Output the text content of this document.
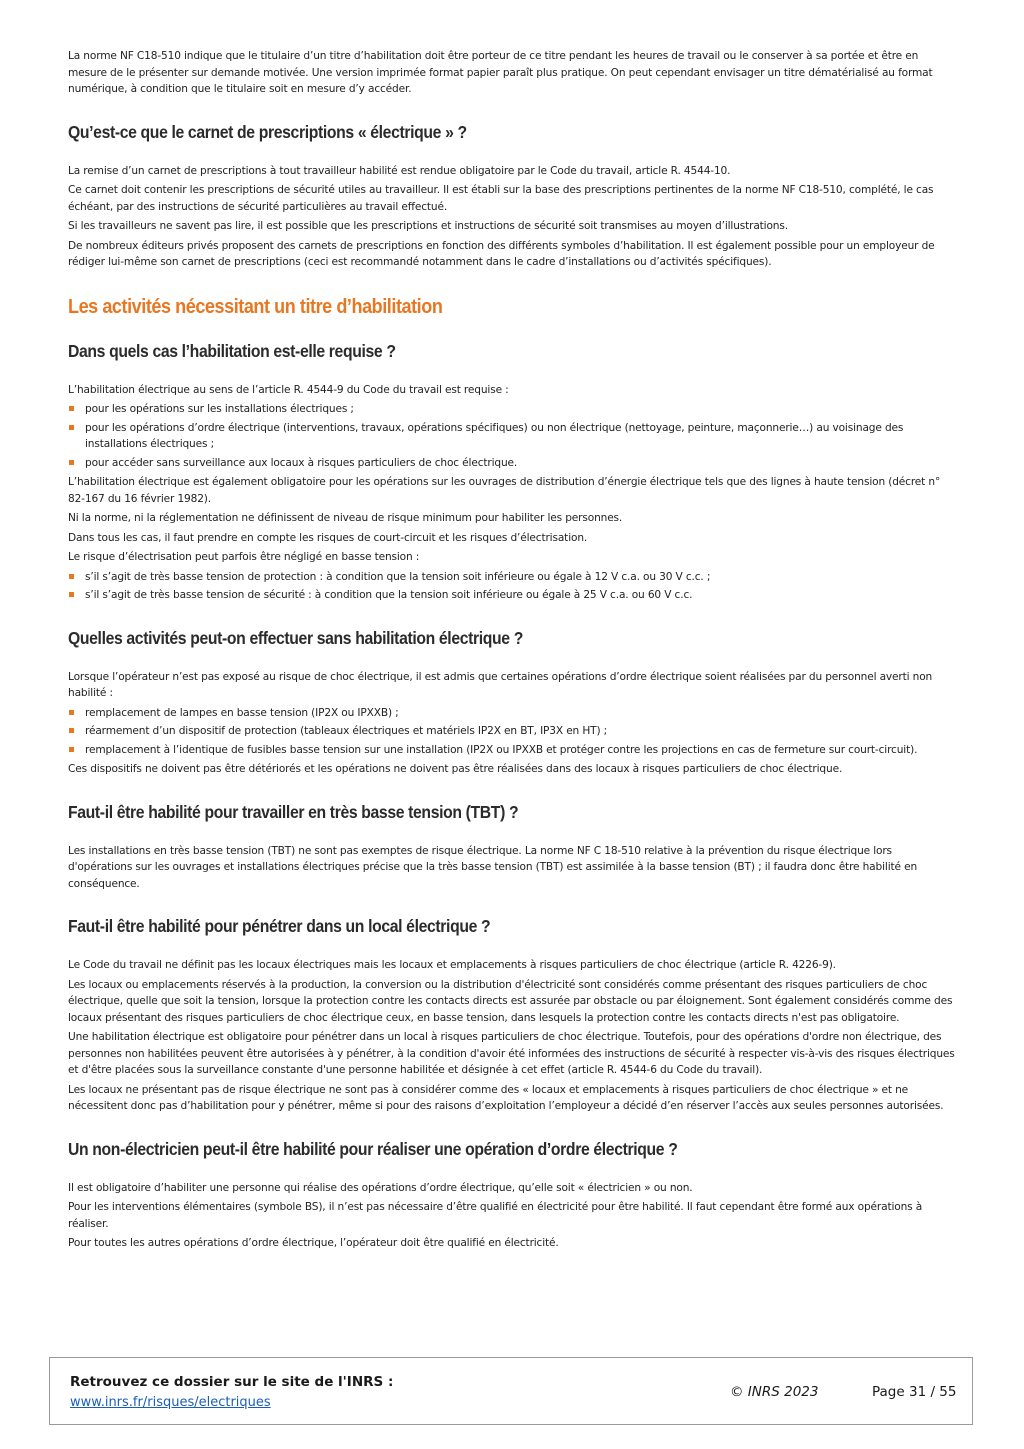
La norme NF C18-510 indique que le titulaire d’un titre d’habilitation doit être porteur de ce titre pendant les heures de travail ou le conserver à sa portée et être en mesure de le présenter sur demande motivée. Une version imprimée format papier paraît plus pratique. On peut cependant envisager un titre dématérialisé au format numérique, à condition que le titulaire soit en mesure d’y accéder.

Qu’est-ce que le carnet de prescriptions « électrique » ?

La remise d’un carnet de prescriptions à tout travailleur habilité est rendue obligatoire par le Code du travail, article R. 4544-10.

Ce carnet doit contenir les prescriptions de sécurité utiles au travailleur. Il est établi sur la base des prescriptions pertinentes de la norme NF C18-510, complété, le cas échéant, par des instructions de sécurité particulières au travail effectué.

Si les travailleurs ne savent pas lire, il est possible que les prescriptions et instructions de sécurité soit transmises au moyen d’illustrations.

De nombreux éditeurs privés proposent des carnets de prescriptions en fonction des différents symboles d’habilitation. Il est également possible pour un employeur de rédiger lui-même son carnet de prescriptions (ceci est recommandé notamment dans le cadre d’installations ou d’activités spécifiques).

Les activités nécessitant un titre d’habilitation
Dans quels cas l’habilitation est-elle requise ?

L’habilitation électrique au sens de l’article R. 4544-9 du Code du travail est requise :

pour les opérations sur les installations électriques ;
pour les opérations d’ordre électrique (interventions, travaux, opérations spécifiques) ou non électrique (nettoyage, peinture, maçonnerie…) au voisinage des installations électriques ;
pour accéder sans surveillance aux locaux à risques particuliers de choc électrique.

L’habilitation électrique est également obligatoire pour les opérations sur les ouvrages de distribution d’énergie électrique tels que des lignes à haute tension (décret n° 82-167 du 16 février 1982).

Ni la norme, ni la réglementation ne définissent de niveau de risque minimum pour habiliter les personnes.

Dans tous les cas, il faut prendre en compte les risques de court-circuit et les risques d’électrisation.

Le risque d’électrisation peut parfois être négligé en basse tension :

s’il s’agit de très basse tension de protection : à condition que la tension soit inférieure ou égale à 12 V c.a. ou 30 V c.c. ;
s’il s’agit de très basse tension de sécurité : à condition que la tension soit inférieure ou égale à 25 V c.a. ou 60 V c.c.
Quelles activités peut-on effectuer sans habilitation électrique ?

Lorsque l’opérateur n’est pas exposé au risque de choc électrique, il est admis que certaines opérations d’ordre électrique soient réalisées par du personnel averti non habilité :

remplacement de lampes en basse tension (IP2X ou IPXXB) ;
réarmement d’un dispositif de protection (tableaux électriques et matériels IP2X en BT, IP3X en HT) ;
remplacement à l’identique de fusibles basse tension sur une installation (IP2X ou IPXXB et protéger contre les projections en cas de fermeture sur court-circuit).

Ces dispositifs ne doivent pas être détériorés et les opérations ne doivent pas être réalisées dans des locaux à risques particuliers de choc électrique.

Faut-il être habilité pour travailler en très basse tension (TBT) ?

Les installations en très basse tension (TBT) ne sont pas exemptes de risque électrique. La norme NF C 18-510 relative à la prévention du risque électrique lors d'opérations sur les ouvrages et installations électriques précise que la très basse tension (TBT) est assimilée à la basse tension (BT) ; il faudra donc être habilité en conséquence.

Faut-il être habilité pour pénétrer dans un local électrique ?

Le Code du travail ne définit pas les locaux électriques mais les locaux et emplacements à risques particuliers de choc électrique (article R. 4226-9).

Les locaux ou emplacements réservés à la production, la conversion ou la distribution d'électricité sont considérés comme présentant des risques particuliers de choc électrique, quelle que soit la tension, lorsque la protection contre les contacts directs est assurée par obstacle ou par éloignement. Sont également considérés comme des locaux présentant des risques particuliers de choc électrique ceux, en basse tension, dans lesquels la protection contre les contacts directs n'est pas obligatoire.

Une habilitation électrique est obligatoire pour pénétrer dans un local à risques particuliers de choc électrique. Toutefois, pour des opérations d'ordre non électrique, des personnes non habilitées peuvent être autorisées à y pénétrer, à la condition d'avoir été informées des instructions de sécurité à respecter vis-à-vis des risques électriques et d'être placées sous la surveillance constante d'une personne habilitée et désignée à cet effet (article R. 4544-6 du Code du travail).

Les locaux ne présentant pas de risque électrique ne sont pas à considérer comme des « locaux et emplacements à risques particuliers de choc électrique » et ne nécessitent donc pas d’habilitation pour y pénétrer, même si pour des raisons d’exploitation l’employeur a décidé d’en réserver l’accès aux seules personnes autorisées.

Un non-électricien peut-il être habilité pour réaliser une opération d’ordre électrique ?

Il est obligatoire d’habiliter une personne qui réalise des opérations d’ordre électrique, qu’elle soit « électricien » ou non.

Pour les interventions élémentaires (symbole BS), il n’est pas nécessaire d’être qualifié en électricité pour être habilité. Il faut cependant être formé aux opérations à réaliser.

Pour toutes les autres opérations d’ordre électrique, l’opérateur doit être qualifié en électricité.

Retrouvez ce dossier sur le site de l'INRS :
www.inrs.fr/risques/electriques
© INRS 2023	Page 31 / 55
